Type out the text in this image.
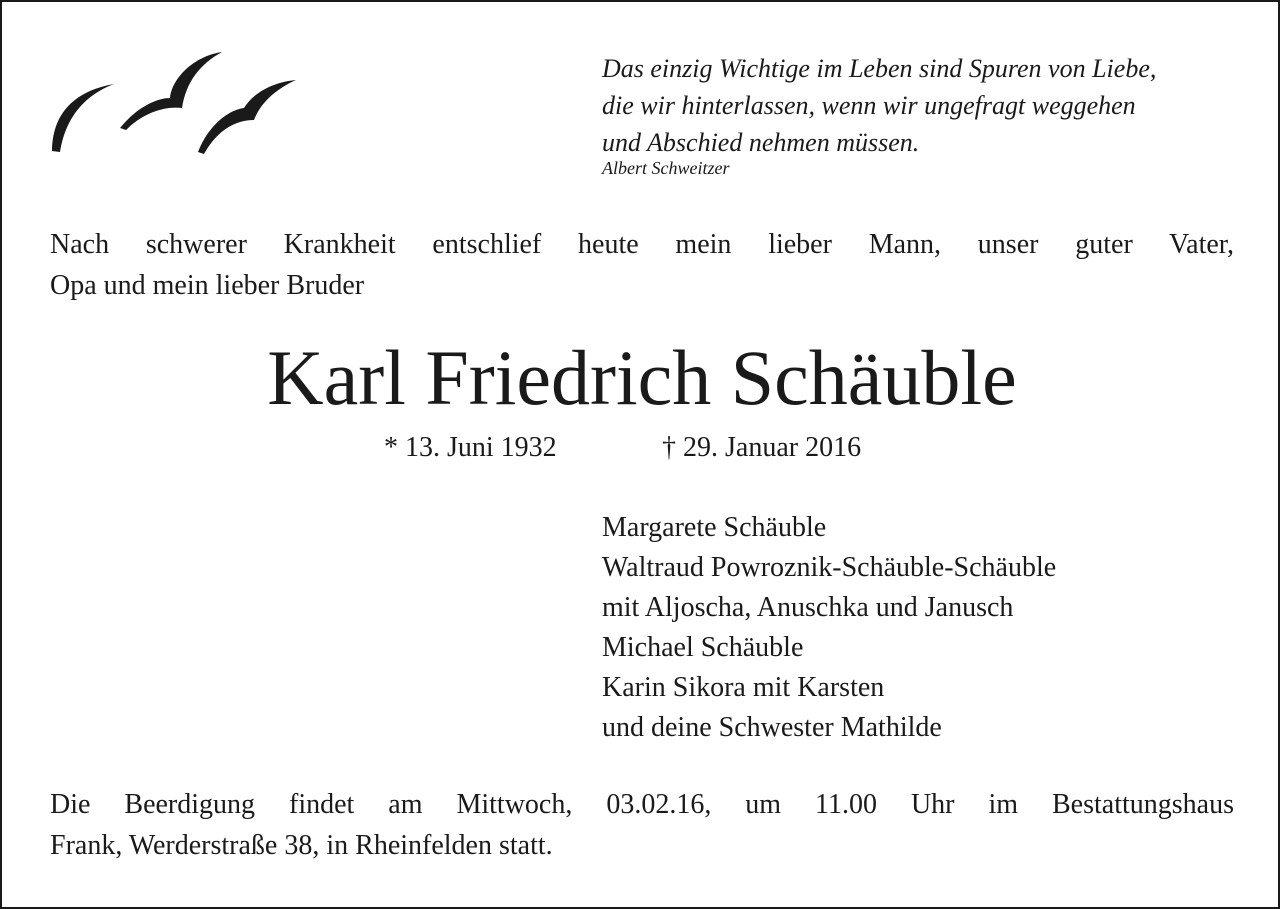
Das einzig Wichtige im Leben sind Spuren von Liebe,
die wir hinterlassen, wenn wir ungefragt weggehen
und Abschied nehmen müssen.
Albert Schweitzer
Nach schwerer Krankheit entschlief heute mein lieber Mann, unser guter Vater,
Opa und mein lieber Bruder
Karl Friedrich Schäuble
* 13. Juni 1932	† 29. Januar 2016
Margarete Schäuble
Waltraud Powroznik-Schäuble-Schäuble
mit Aljoscha, Anuschka und Janusch
Michael Schäuble
Karin Sikora mit Karsten
und deine Schwester Mathilde
Die Beerdigung findet am Mittwoch, 03.02.16, um 11.00 Uhr im Bestattungshaus
Frank, Werderstraße 38, in Rheinfelden statt.
